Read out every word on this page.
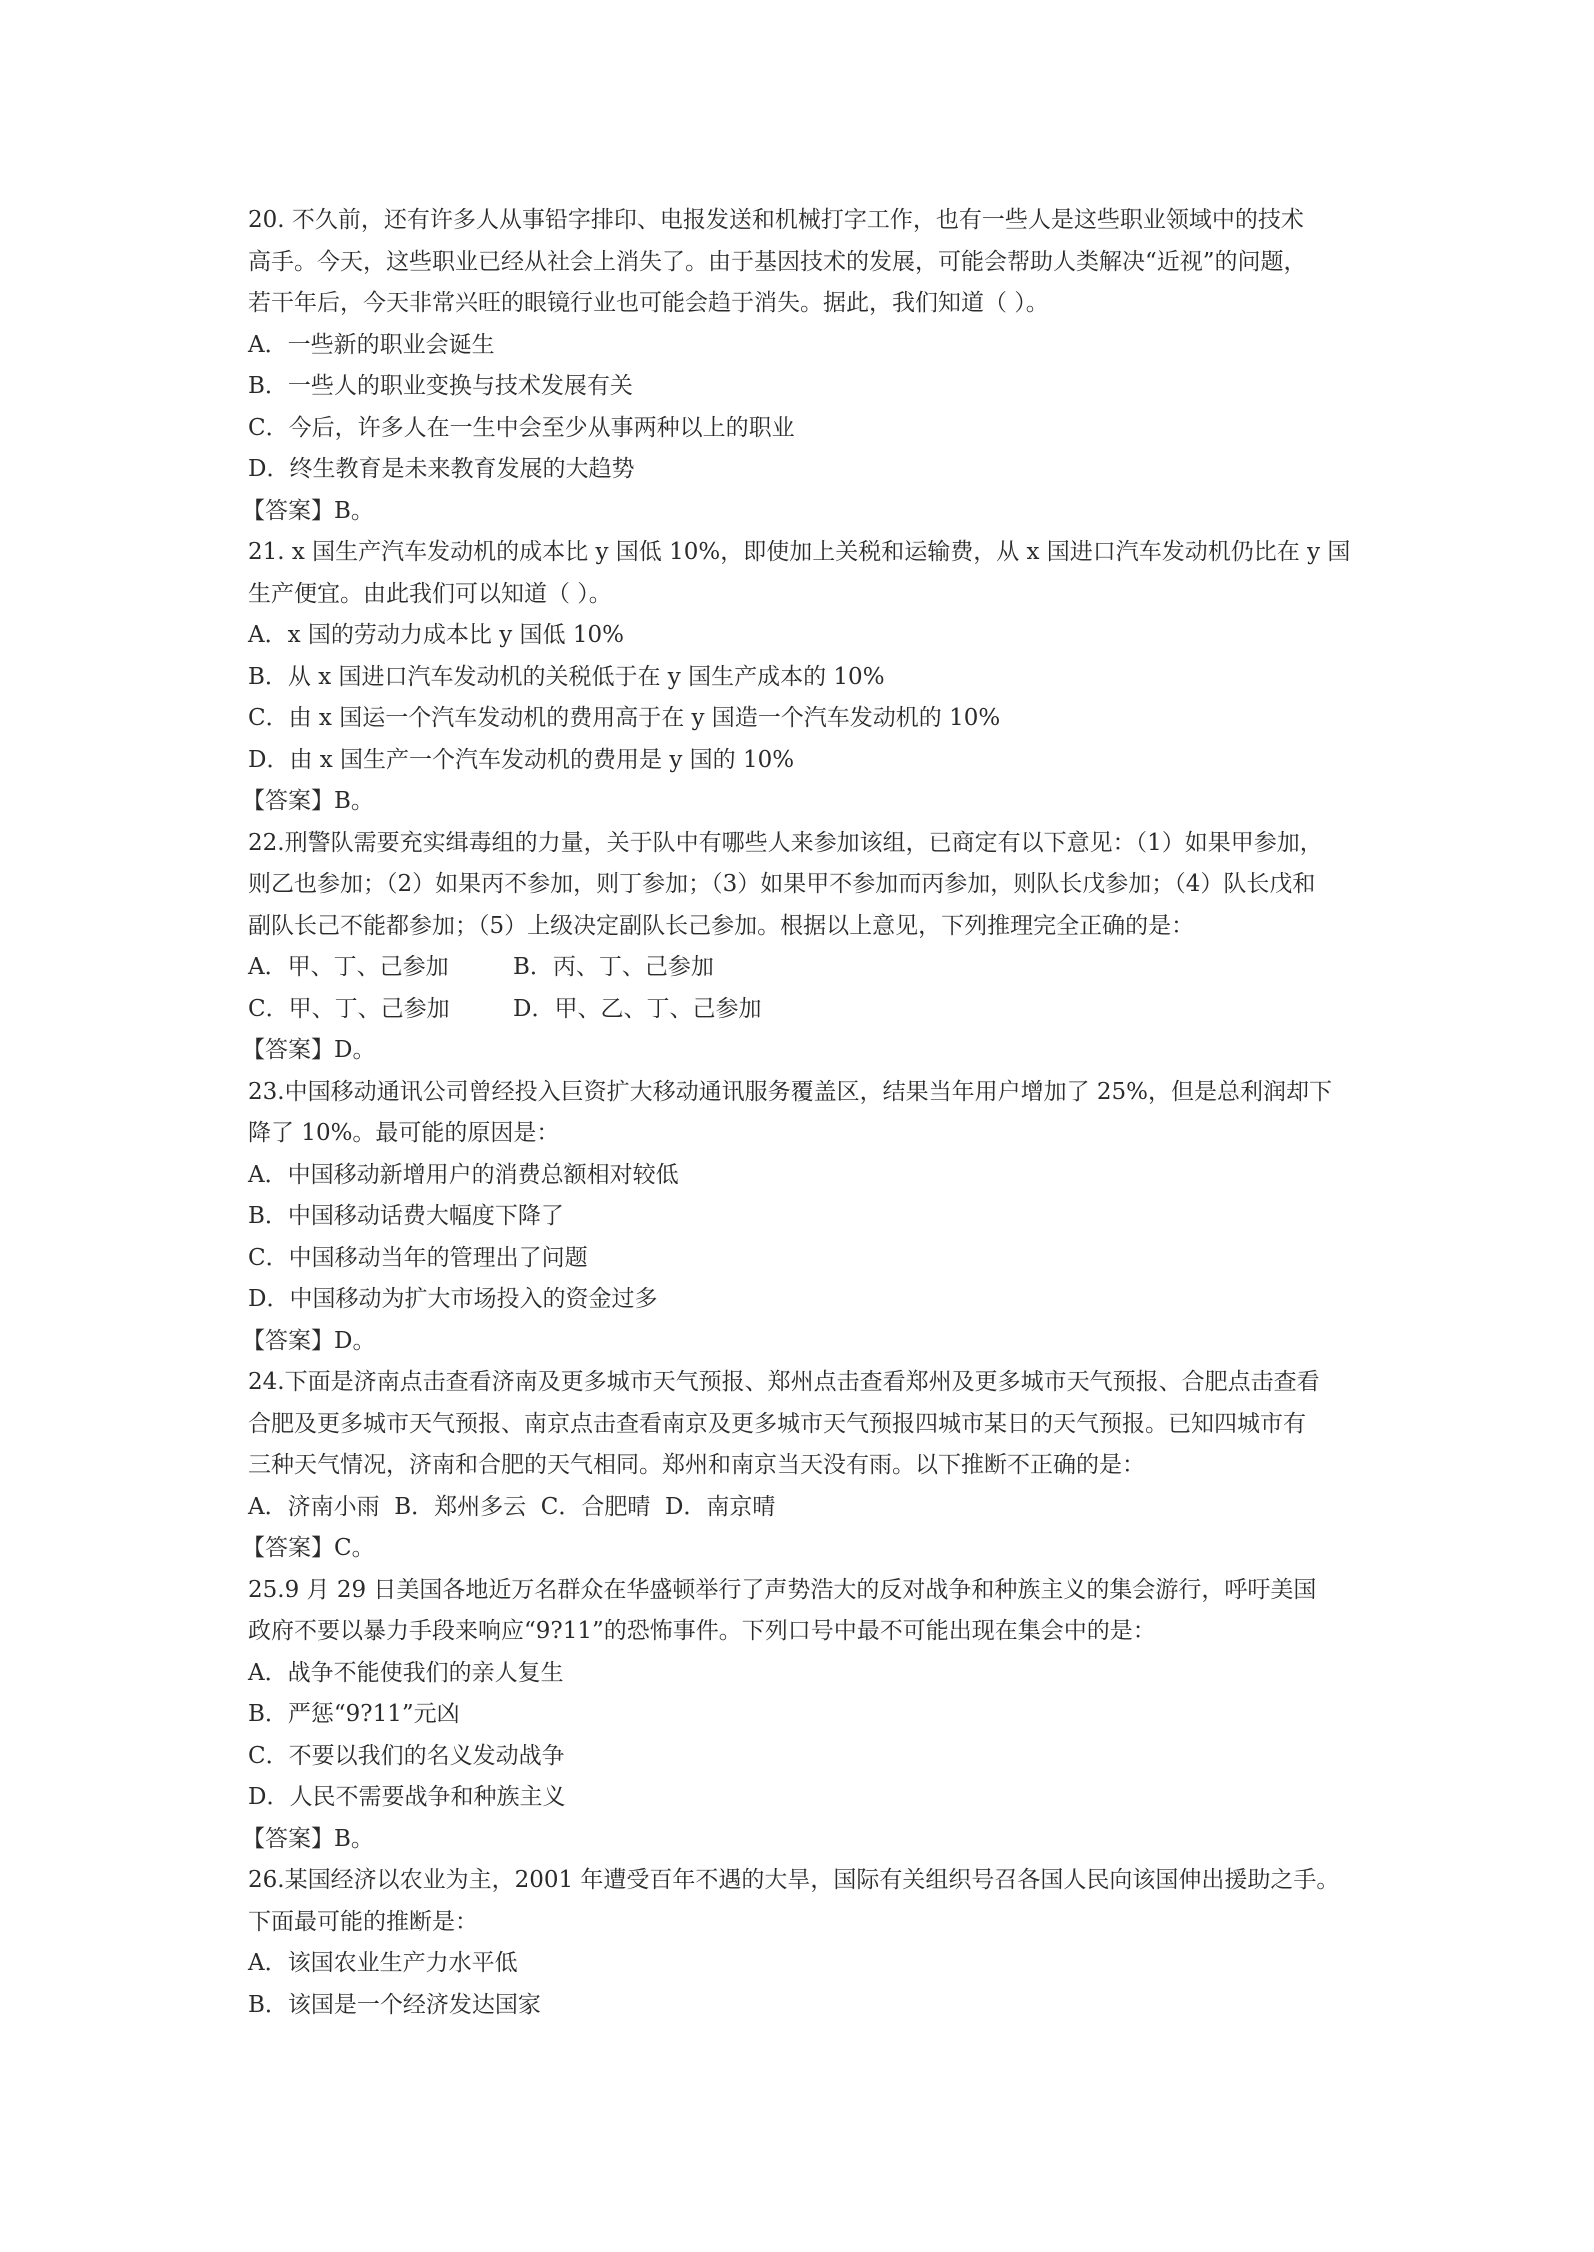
20. 不久前，还有许多人从事铅字排印、电报发送和机械打字工作，也有一些人是这些职业领域中的技术

高手。今天，这些职业已经从社会上消失了。由于基因技术的发展，可能会帮助人类解决“近视”的问题，

若干年后，今天非常兴旺的眼镜行业也可能会趋于消失。据此，我们知道（ ）。

A．一些新的职业会诞生

B．一些人的职业变换与技术发展有关

C．今后，许多人在一生中会至少从事两种以上的职业

D．终生教育是未来教育发展的大趋势

【答案】B。

21. x 国生产汽车发动机的成本比 y 国低 10%，即使加上关税和运输费，从 x 国进口汽车发动机仍比在 y 国

生产便宜。由此我们可以知道（ ）。

A．x 国的劳动力成本比 y 国低 10%

B．从 x 国进口汽车发动机的关税低于在 y 国生产成本的 10%

C．由 x 国运一个汽车发动机的费用高于在 y 国造一个汽车发动机的 10%

D．由 x 国生产一个汽车发动机的费用是 y 国的 10%

【答案】B。

22.刑警队需要充实缉毒组的力量，关于队中有哪些人来参加该组，已商定有以下意见：（1）如果甲参加，

则乙也参加；（2）如果丙不参加，则丁参加；（3）如果甲不参加而丙参加，则队长戊参加；（4）队长戊和

副队长己不能都参加；（5）上级决定副队长己参加。根据以上意见，下列推理完全正确的是：

A．甲、丁、己参加	B．丙、丁、己参加

C．甲、丁、己参加	D．甲、乙、丁、己参加

【答案】D。

23.中国移动通讯公司曾经投入巨资扩大移动通讯服务覆盖区，结果当年用户增加了 25%，但是总利润却下

降了 10%。最可能的原因是：

A．中国移动新增用户的消费总额相对较低

B．中国移动话费大幅度下降了

C．中国移动当年的管理出了问题

D．中国移动为扩大市场投入的资金过多

【答案】D。

24.下面是济南点击查看济南及更多城市天气预报、郑州点击查看郑州及更多城市天气预报、合肥点击查看

合肥及更多城市天气预报、南京点击查看南京及更多城市天气预报四城市某日的天气预报。已知四城市有

三种天气情况，济南和合肥的天气相同。郑州和南京当天没有雨。以下推断不正确的是：

A．济南小雨  B．郑州多云  C．合肥晴  D．南京晴

【答案】C。

25.9 月 29 日美国各地近万名群众在华盛顿举行了声势浩大的反对战争和种族主义的集会游行，呼吁美国

政府不要以暴力手段来响应“9?11”的恐怖事件。下列口号中最不可能出现在集会中的是：

A．战争不能使我们的亲人复生

B．严惩“9?11”元凶

C．不要以我们的名义发动战争

D．人民不需要战争和种族主义

【答案】B。

26.某国经济以农业为主，2001 年遭受百年不遇的大旱，国际有关组织号召各国人民向该国伸出援助之手。

下面最可能的推断是：

A．该国农业生产力水平低

B．该国是一个经济发达国家
